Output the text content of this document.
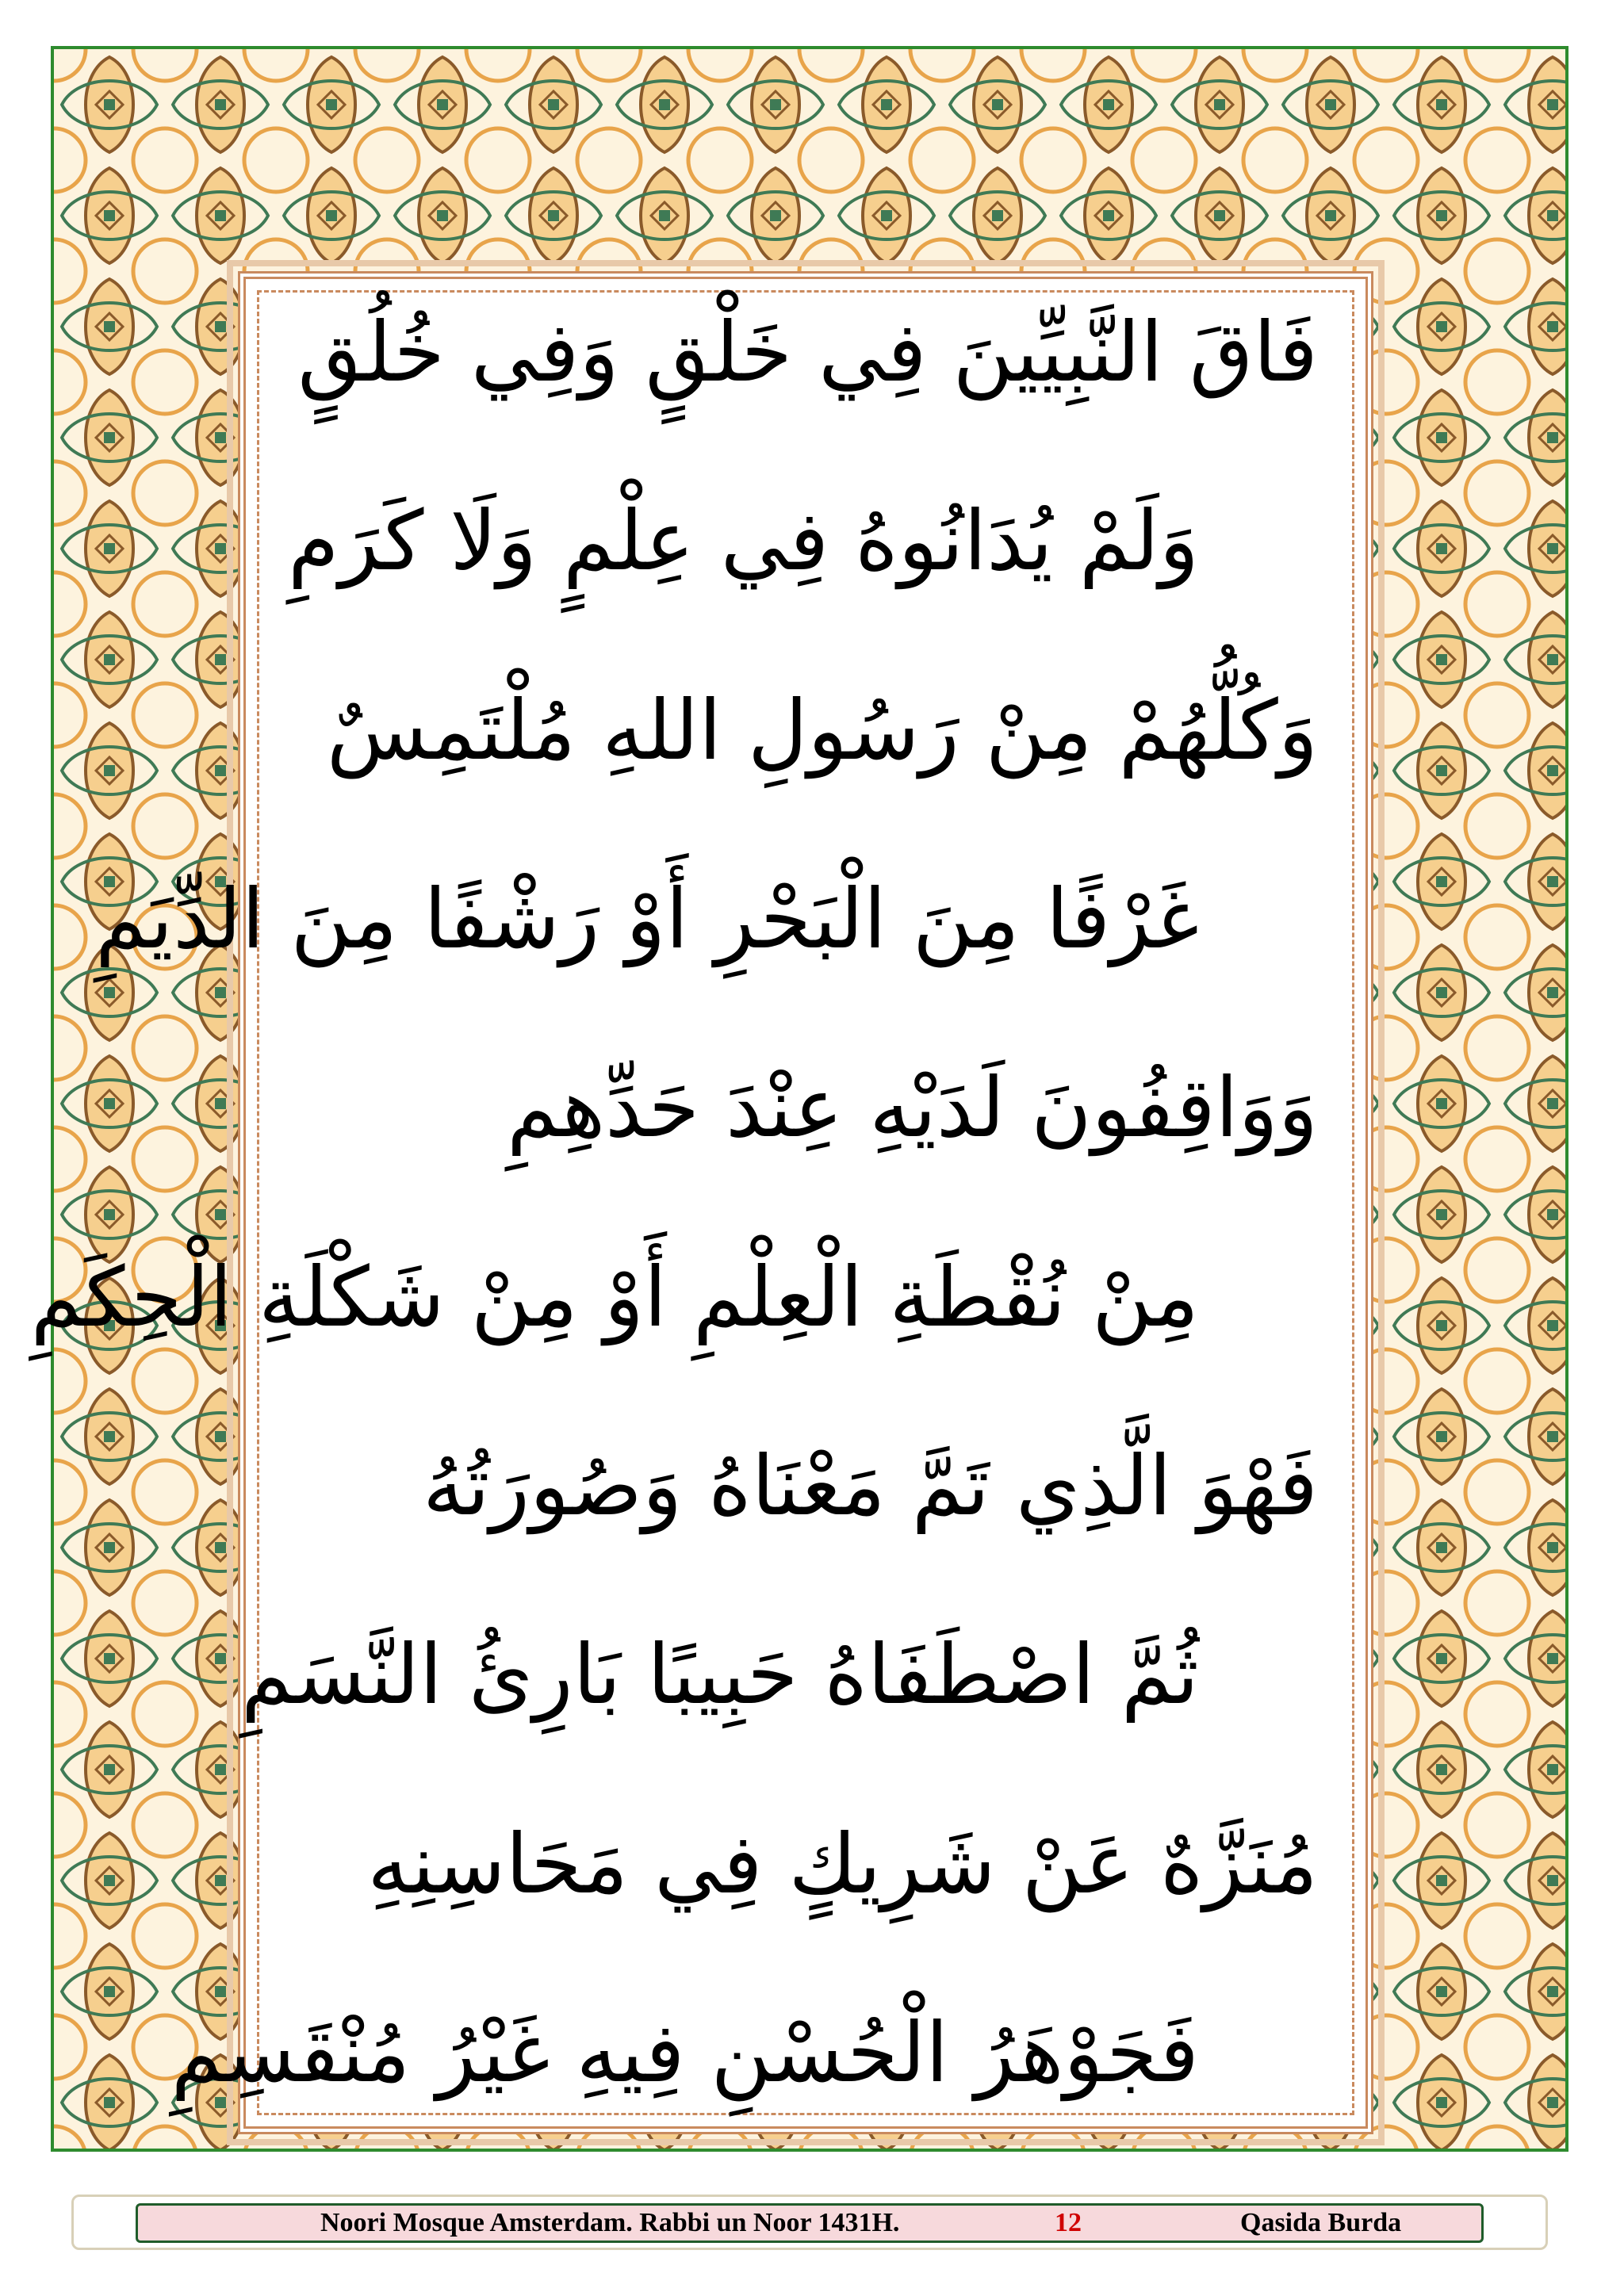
فَاقَ النَّبِيِّينَ فِي خَلْقٍ وَفِي خُلُقٍ
وَلَمْ يُدَانُوهُ فِي عِلْمٍ وَلَا كَرَمِ
وَكُلُّهُمْ مِنْ رَسُولِ اللهِ مُلْتَمِسٌ
غَرْفًا مِنَ الْبَحْرِ أَوْ رَشْفًا مِنَ الدِّيَمِ
وَوَاقِفُونَ لَدَيْهِ عِنْدَ حَدِّهِمِ
مِنْ نُقْطَةِ الْعِلْمِ أَوْ مِنْ شَكْلَةِ الْحِكَمِ
فَهْوَ الَّذِي تَمَّ مَعْنَاهُ وَصُورَتُهُ
ثُمَّ اصْطَفَاهُ حَبِيبًا بَارِئُ النَّسَمِ
مُنَزَّهٌ عَنْ شَرِيكٍ فِي مَحَاسِنِهِ
فَجَوْهَرُ الْحُسْنِ فِيهِ غَيْرُ مُنْقَسِمِ
Noori Mosque Amsterdam. Rabbi un Noor 1431H.	12	Qasida Burda
